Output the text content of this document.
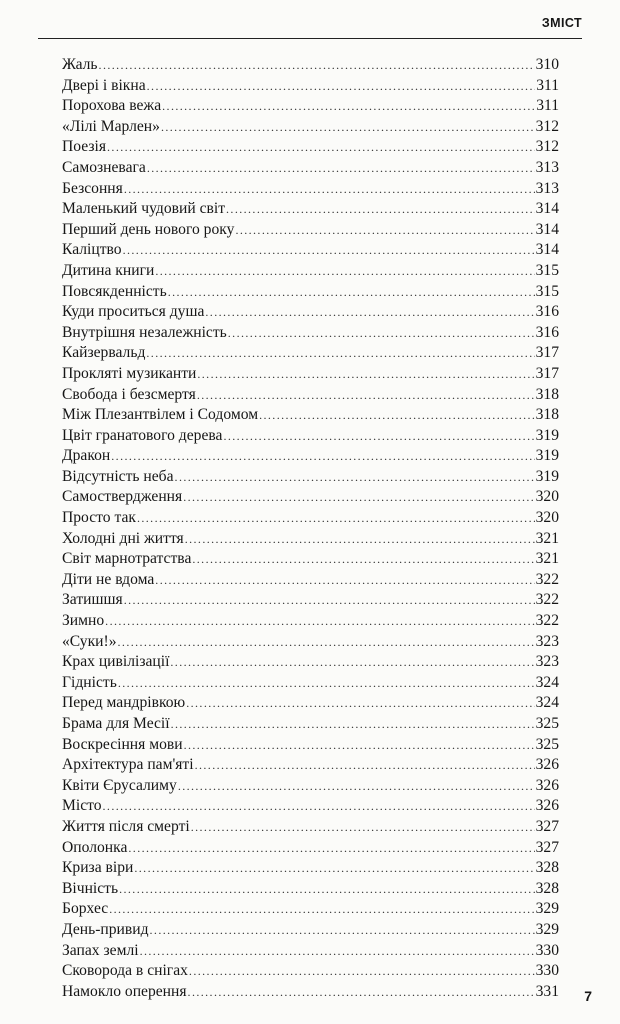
ЗМІСТ
Жаль .....	310
Двері і вікна .....	311
Порохова вежа .....	311
«Лілі Марлен» .....	312
Поезія .....	312
Самозневага .....	313
Безсоння .....	313
Маленький чудовий світ .....	314
Перший день нового року .....	314
Каліцтво .....	314
Дитина книги .....	315
Повсякденність .....	315
Куди проситься душа .....	316
Внутрішня незалежність .....	316
Кайзервальд .....	317
Прокляті музиканти .....	317
Свобода і безсмертя .....	318
Між Плезантвілем і Содомом .....	318
Цвіт гранатового дерева .....	319
Дракон .....	319
Відсутність неба .....	319
Самоствердження .....	320
Просто так .....	320
Холодні дні життя .....	321
Світ марнотратства .....	321
Діти не вдома .....	322
Затишшя .....	322
Зимно .....	322
«Суки!» .....	323
Крах цивілізації .....	323
Гідність .....	324
Перед мандрівкою .....	324
Брама для Месії .....	325
Воскресіння мови .....	325
Архітектура пам'яті .....	326
Квіти Єрусалиму .....	326
Місто .....	326
Життя після смерті .....	327
Ополонка .....	327
Криза віри .....	328
Вічність .....	328
Борхес .....	329
День-привид .....	329
Запах землі .....	330
Сковорода в снігах .....	330
Намокло оперення .....	331 7
